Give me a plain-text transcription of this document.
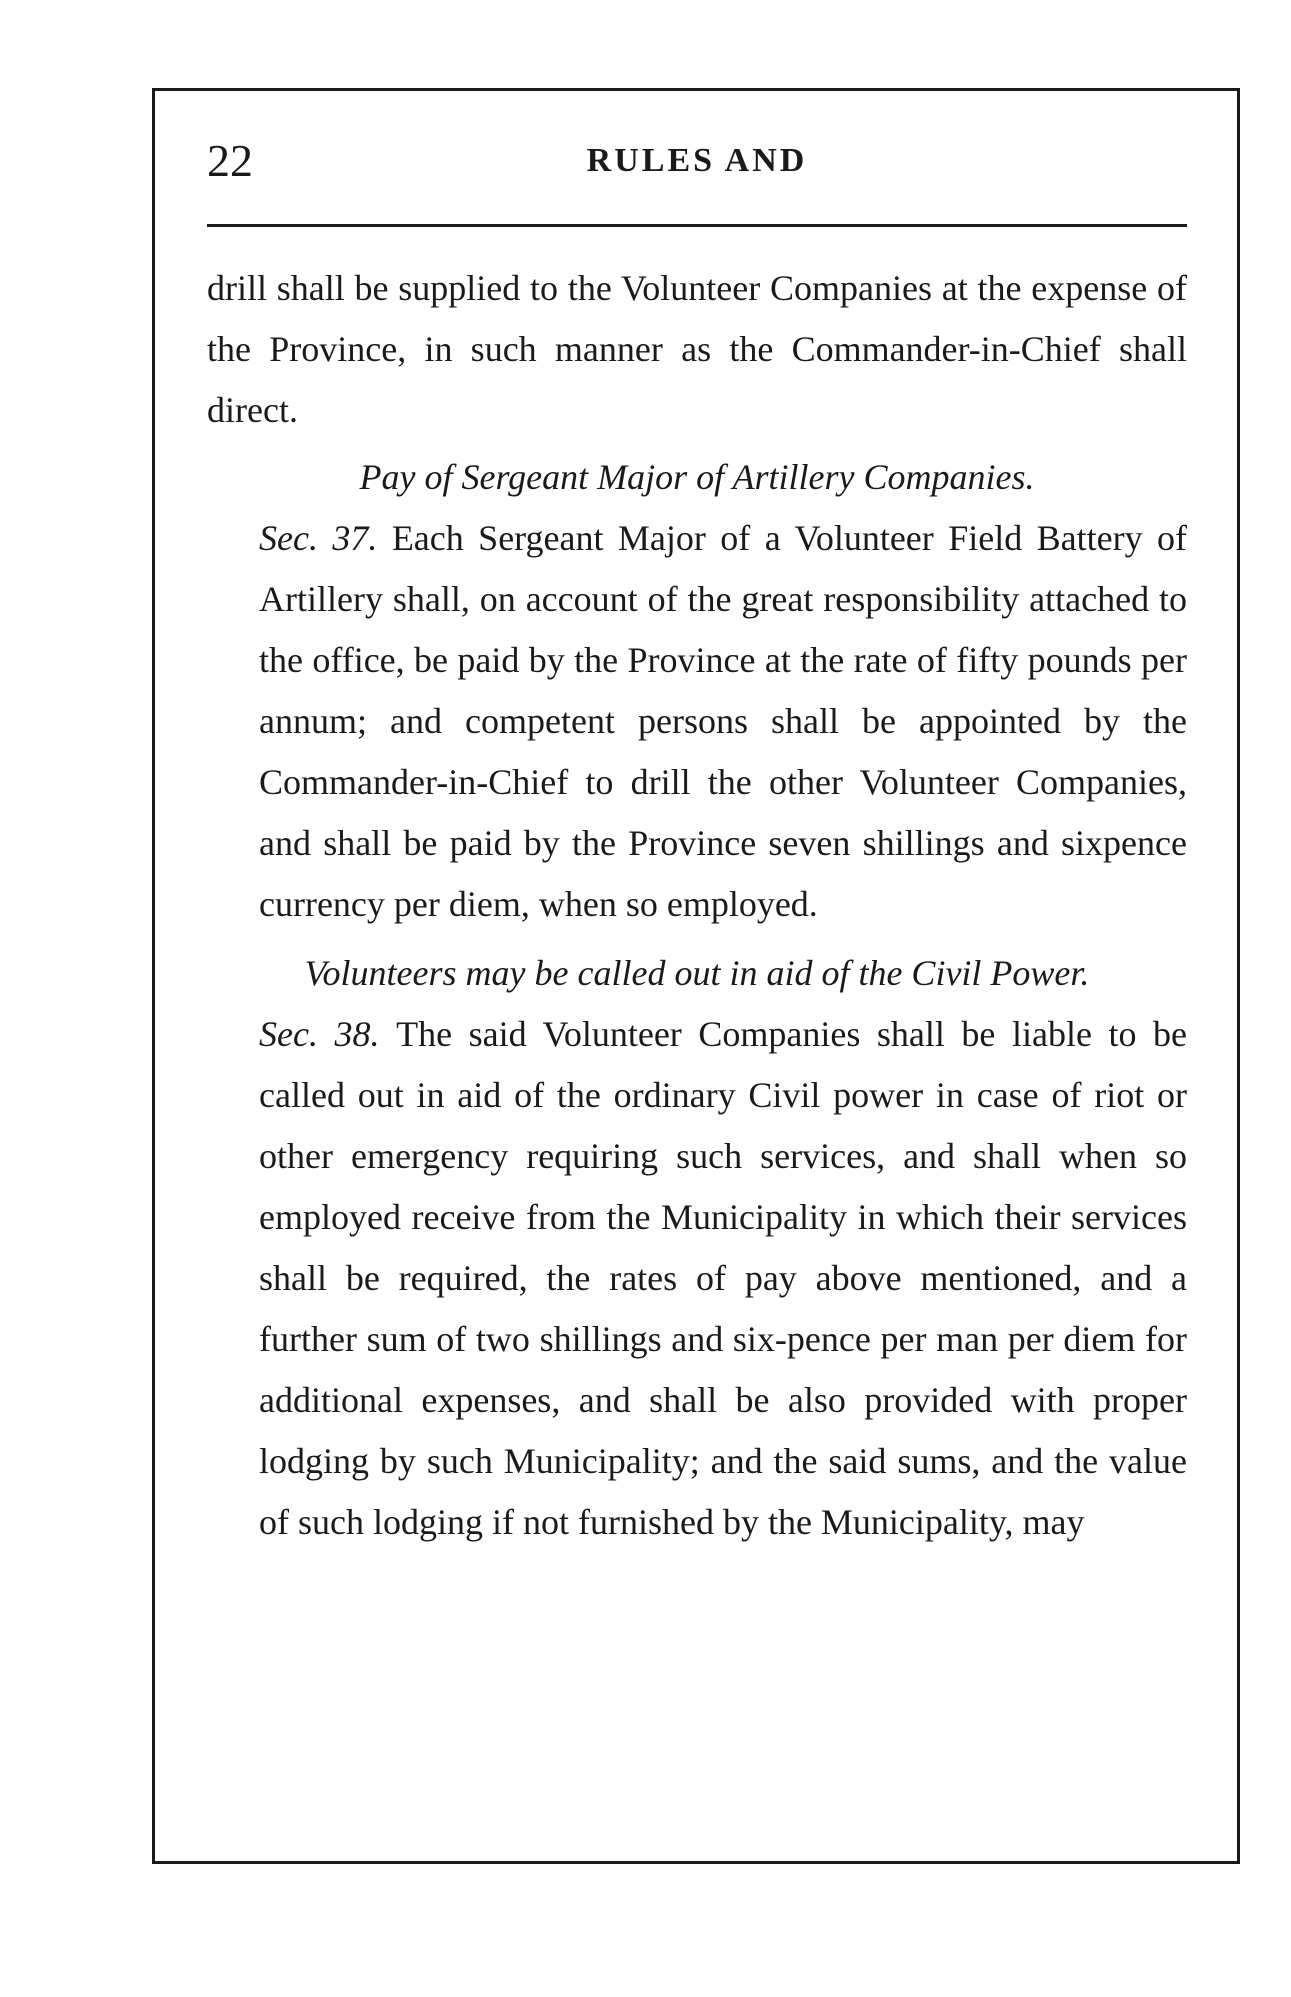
22	RULES AND

drill shall be supplied to the Volunteer Companies at the expense of the Province, in such manner as the Commander-in-Chief shall direct.

Pay of Sergeant Major of Artillery Companies.

Sec. 37. Each Sergeant Major of a Volunteer Field Battery of Artillery shall, on account of the great responsibility attached to the office, be paid by the Province at the rate of fifty pounds per annum; and competent persons shall be appointed by the Commander-in-Chief to drill the other Volunteer Companies, and shall be paid by the Province seven shillings and sixpence currency per diem, when so employed.

Volunteers may be called out in aid of the Civil Power.

Sec. 38. The said Volunteer Companies shall be liable to be called out in aid of the ordinary Civil power in case of riot or other emergency requiring such services, and shall when so employed receive from the Municipality in which their services shall be required, the rates of pay above mentioned, and a further sum of two shillings and six-pence per man per diem for additional expenses, and shall be also provided with proper lodging by such Municipality; and the said sums, and the value of such lodging if not furnished by the Municipality, may
